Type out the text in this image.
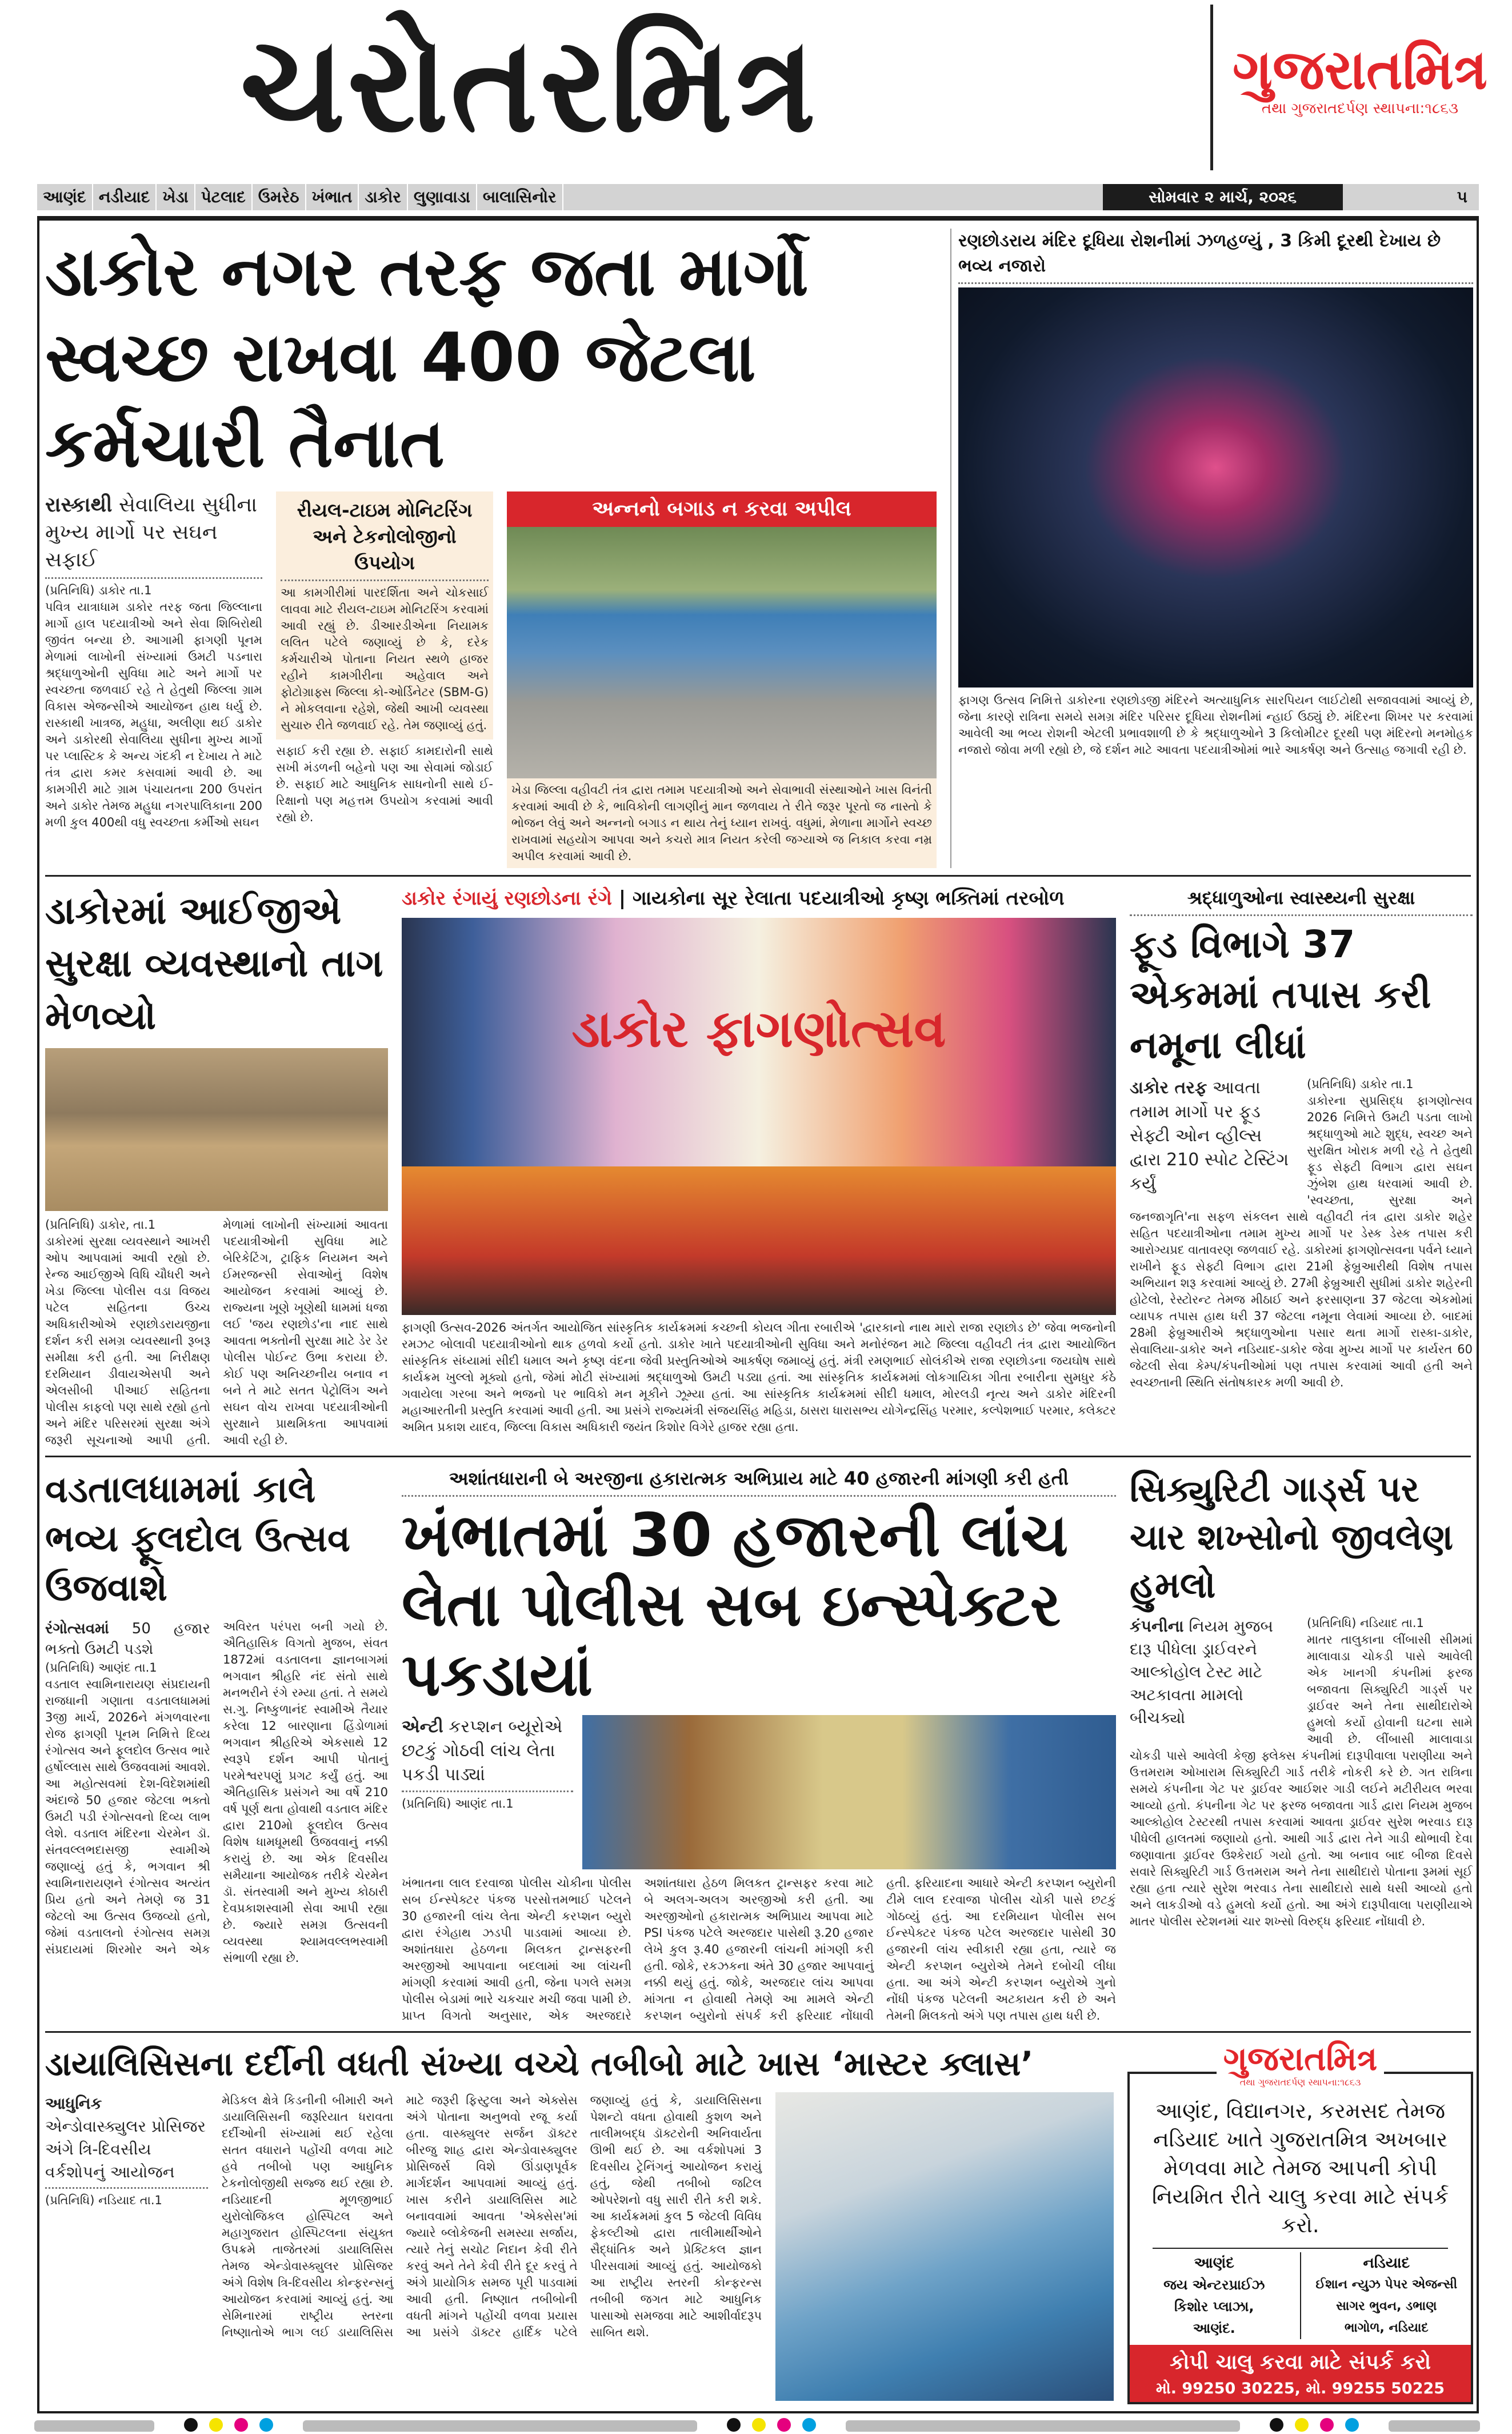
ચરોતરમિત્ર	ગુજરાતમિત્ર
તથા ગુજરાતદર્પણ સ્થાપના:૧૮૬૩
આણંદ નડીયાદ ખેડા પેટલાદ ઉમરેઠ ખંભાત ડાકોર લુણાવાડા બાલાસિનોર	સોમવાર ૨ માર્ચ, ૨૦૨૬	૫
ડાકોર નગર તરફ જતા માર્ગો સ્વચ્છ રાખવા 400 જેટલા કર્મચારી તૈનાત
રાસ્કાથી સેવાલિયા સુધીના મુખ્ય માર્ગો પર સઘન સફાઈ
(પ્રતિનિધિ) ડાકોર તા.1
પવિત્ર યાત્રાધામ ડાકોર તરફ જતા જિલ્લાના માર્ગો હાલ પદયાત્રીઓ અને સેવા શિબિરોથી જીવંત બન્યા છે. આગામી ફાગણી પૂનમ મેળામાં લાખોની સંખ્યામાં ઉમટી પડનારા શ્રદ્ધાળુઓની સુવિધા માટે અને માર્ગો પર સ્વચ્છતા જળવાઈ રહે તે હેતુથી જિલ્લા ગ્રામ વિકાસ એજન્સીએ આયોજન હાથ ધર્યુ છે. રાસ્કાથી ખાત્રજ, મહુધા, અલીણા થઈ ડાકોર અને ડાકોરથી સેવાલિયા સુધીના મુખ્ય માર્ગો પર પ્લાસ્ટિક કે અન્ય ગંદકી ન દેખાય તે માટે તંત્ર દ્વારા કમર કસવામાં આવી છે. આ કામગીરી માટે ગ્રામ પંચાયતના 200 ઉપરાંત અને ડાકોર તેમજ મહુધા નગરપાલિકાના 200 મળી કુલ 400થી વધુ સ્વચ્છતા કર્મીઓ સઘન
રીયલ-ટાઇમ મોનિટરિંગ અને ટેકનોલોજીનો ઉપયોગ
આ કામગીરીમાં પારદર્શિતા અને ચોકસાઈ લાવવા માટે રીયલ-ટાઇમ મોનિટરિંગ કરવામાં આવી રહ્યું છે. ડીઆરડીએના નિયામક લલિત પટેલે જણાવ્યું છે કે, દરેક કર્મચારીએ પોતાના નિયત સ્થળે હાજર રહીને કામગીરીના અહેવાલ અને ફોટોગ્રાફ્સ જિલ્લા કો-ઓર્ડિનેટર (SBM-G) ને મોકલવાના રહેશે, જેથી આખી વ્યવસ્થા સુચારુ રીતે જળવાઈ રહે. તેમ જણાવ્યું હતું.
સફાઈ કરી રહ્યા છે. સફાઈ કામદારોની સાથે સખી મંડળની બહેનો પણ આ સેવામાં જોડાઈ છે. સફાઈ માટે આધુનિક સાધનોની સાથે ઈ-રિક્ષાનો પણ મહત્તમ ઉપયોગ કરવામાં આવી રહ્યો છે.
અન્નનો બગાડ ન કરવા અપીલ
ખેડા જિલ્લા વહીવટી તંત્ર દ્વારા તમામ પદયાત્રીઓ અને સેવાભાવી સંસ્થાઓને ખાસ વિનંતી કરવામાં આવી છે કે, ભાવિકોની લાગણીનું માન જળવાય તે રીતે જરૂર પૂરતો જ નાસ્તો કે ભોજન લેવું અને અન્નનો બગાડ ન થાય તેનું ધ્યાન રાખવું. વધુમાં, મેળાના માર્ગોને સ્વચ્છ રાખવામાં સહયોગ આપવા અને કચરો માત્ર નિયત કરેલી જગ્યાએ જ નિકાલ કરવા નમ્ર અપીલ કરવામાં આવી છે.
રણછોડરાય મંદિર દૂધિયા રોશનીમાં ઝળહળ્યું , 3 કિમી દૂરથી દેખાય છે ભવ્ય નજારો
ફાગણ ઉત્સવ નિમિત્તે ડાકોરના રણછોડજી મંદિરને અત્યાધુનિક સારપિયન લાઈટોથી સજાવવામાં આવ્યું છે, જેના કારણે રાત્રિના સમયે સમગ્ર મંદિર પરિસર દૂધિયા રોશનીમાં ન્હાઈ ઉઠ્યું છે. મંદિરના શિખર પર કરવામાં આવેલી આ ભવ્ય રોશની એટલી પ્રભાવશાળી છે કે શ્રદ્ધાળુઓને 3 કિલોમીટર દૂરથી પણ મંદિરનો મનમોહક નજારો જોવા મળી રહ્યો છે, જે દર્શન માટે આવતા પદયાત્રીઓમાં ભારે આકર્ષણ અને ઉત્સાહ જગાવી રહી છે.
ડાકોરમાં આઈજીએ સુરક્ષા વ્યવસ્થાનો તાગ મેળવ્યો
(પ્રતિનિધિ) ડાકોર, તા.1
ડાકોરમાં સુરક્ષા વ્યવસ્થાને આખરી ઓપ આપવામાં આવી રહ્યો છે. રેન્જ આઈજીએ વિધિ ચૌધરી અને ખેડા જિલ્લા પોલીસ વડા વિજય પટેલ સહિતના ઉચ્ચ અધિકારીઓએ રણછોડરાયજીના દર્શન કરી સમગ્ર વ્યવસ્થાની રૂબરૂ સમીક્ષા કરી હતી. આ નિરીક્ષણ દરમિયાન ડીવાયએસપી અને એલસીબી પીઆઈ સહિતના પોલીસ કાફલો પણ સાથે રહ્યો હતો અને મંદિર પરિસરમાં સુરક્ષા અંગે જરૂરી સૂચનાઓ આપી હતી. મેળામાં લાખોની સંખ્યામાં આવતા પદયાત્રીઓની સુવિધા માટે બેરિકેટિંગ, ટ્રાફિક નિયમન અને ઈમરજન્સી સેવાઓનું વિશેષ આયોજન કરવામાં આવ્યું છે. રાજ્યના ખૂણે ખૂણેથી ધામમાં ધજા લઈ 'જય રણછોડ'ના નાદ સાથે આવતા ભક્તોની સુરક્ષા માટે ડેર ડેર પોલીસ પોઈન્ટ ઉભા કરાયા છે. કોઈ પણ અનિચ્છનીય બનાવ ન બને તે માટે સતત પેટ્રોલિંગ અને સઘન વોચ રાખવા પદયાત્રીઓની સુરક્ષાને પ્રાથમિકતા આપવામાં આવી રહી છે.
ડાકોર રંગાયું રણછોડના રંગે | ગાયકોના સૂર રેલાતા પદયાત્રીઓ કૃષ્ણ ભક્તિમાં તરબોળ
ડાકોર ફાગણોત્સવ
ફાગણી ઉત્સવ-2026 અંતર્ગત આયોજિત સાંસ્કૃતિક કાર્યક્રમમાં કચ્છની કોયલ ગીતા રબારીએ 'દ્વારકાનો નાથ મારો રાજા રણછોડ છે' જેવા ભજનોની રમઝટ બોલાવી પદયાત્રીઓનો થાક હળવો કર્યો હતો. ડાકોર ખાતે પદયાત્રીઓની સુવિધા અને મનોરંજન માટે જિલ્લા વહીવટી તંત્ર દ્વારા આયોજિત સાંસ્કૃતિક સંધ્યામાં સીદી ધમાલ અને કૃષ્ણ વંદના જેવી પ્રસ્તુતિઓએ આકર્ષણ જમાવ્યું હતું. મંત્રી રમણભાઈ સોલંકીએ રાજા રણછોડના જયઘોષ સાથે કાર્યક્રમ ખુલ્લો મૂક્યો હતો, જેમાં મોટી સંખ્યામાં શ્રદ્ધાળુઓ ઉમટી પડ્યા હતાં. આ સાંસ્કૃતિક કાર્યક્રમમાં લોકગાયિકા ગીતા રબારીના સુમધુર કંઠે ગવાયેલા ગરબા અને ભજનો પર ભાવિકો મન મૂકીને ઝૂમ્યા હતાં. આ સાંસ્કૃતિક કાર્યક્રમમાં સીદી ધમાલ, મોરલડી નૃત્ય અને ડાકોર મંદિરની મહાઆરતીની પ્રસ્તુતિ કરવામાં આવી હતી. આ પ્રસંગે રાજ્યમંત્રી સંજયસિંહ મહિડા, ઠાસરા ધારાસભ્ય યોગેન્દ્રસિંહ પરમાર, કલ્પેશભાઈ પરમાર, કલેક્ટર અમિત પ્રકાશ યાદવ, જિલ્લા વિકાસ અધિકારી જયંત કિશોર વિગેરે હાજર રહ્યા હતા.
શ્રદ્ધાળુઓના સ્વાસ્થ્યની સુરક્ષા
ફૂડ વિભાગે 37 એકમમાં તપાસ કરી નમૂના લીધાં
ડાકોર તરફ આવતા તમામ માર્ગો પર ફૂડ સેફ્ટી ઓન વ્હીલ્સ દ્વારા 210 સ્પોટ ટેસ્ટિંગ કર્યું
(પ્રતિનિધિ) ડાકોર તા.1
ડાકોરના સુપ્રસિદ્ધ ફાગણોત્સવ 2026 નિમિત્તે ઉમટી પડતા લાખો શ્રદ્ધાળુઓ માટે શુદ્ધ, સ્વચ્છ અને સુરક્ષિત ખોરાક મળી રહે તે હેતુથી ફૂડ સેફ્ટી વિભાગ દ્વારા સઘન ઝુંબેશ હાથ ધરવામાં આવી છે. 'સ્વચ્છતા, સુરક્ષા અને જનજાગૃતિ'ના સફળ સંકલન સાથે વહીવટી તંત્ર દ્વારા ડાકોર શહેર સહિત પદયાત્રીઓના તમામ મુખ્ય માર્ગો પર ડેસ્ક ડેસ્ક તપાસ કરી આરોગ્યપ્રદ વાતાવરણ જળવાઈ રહે. ડાકોરમાં ફાગણોત્સવના પર્વને ધ્યાને રાખીને ફૂડ સેફ્ટી વિભાગ દ્વારા 21મી ફેબ્રુઆરીથી વિશેષ તપાસ અભિયાન શરૂ કરવામાં આવ્યું છે. 27મી ફેબ્રુઆરી સુધીમાં ડાકોર શહેરની હોટેલો, રેસ્ટોરન્ટ તેમજ મીઠાઈ અને ફરસાણના 37 જેટલા એકમોમાં વ્યાપક તપાસ હાથ ધરી 37 જેટલા નમૂના લેવામાં આવ્યા છે. બાદમાં 28મી ફેબ્રુઆરીએ શ્રદ્ધાળુઓના પસાર થતા માર્ગો રાસ્કા-ડાકોર, સેવાલિયા-ડાકોર અને નડિયાદ-ડાકોર જેવા મુખ્ય માર્ગો પર કાર્યરત 60 જેટલી સેવા કેમ્પ/કંપનીઓમાં પણ તપાસ કરવામાં આવી હતી અને સ્વચ્છતાની સ્થિતિ સંતોષકારક મળી આવી છે.
વડતાલધામમાં કાલે ભવ્ય ફૂલદોલ ઉત્સવ ઉજવાશે
રંગોત્સવમાં 50 હજાર ભક્તો ઉમટી પડશે
(પ્રતિનિધિ) આણંદ તા.1
વડતાલ સ્વામિનારાયણ સંપ્રદાયની રાજધાની ગણાતા વડતાલધામમાં 3જી માર્ચ, 2026ને મંગળવારના રોજ ફાગણી પૂનમ નિમિત્તે દિવ્ય રંગોત્સવ અને ફૂલદોલ ઉત્સવ ભારે હર્ષોલ્લાસ સાથે ઉજવવામાં આવશે. આ મહોત્સવમાં દેશ-વિદેશમાંથી અંદાજે 50 હજાર જેટલા ભક્તો ઉમટી પડી રંગોત્સવનો દિવ્ય લાભ લેશે. વડતાલ મંદિરના ચેરમેન ડૉ. સંતવલ્લભદાસજી સ્વામીએ જણાવ્યું હતું કે, ભગવાન શ્રી સ્વામિનારાયણને રંગોત્સવ અત્યંત પ્રિય હતો અને તેમણે જ 31 જેટલો આ ઉત્સવ ઉજવ્યો હતો, જેમાં વડતાલનો રંગોત્સવ સમગ્ર સંપ્રદાયમાં શિરમોર અને એક અવિરત પરંપરા બની ગયો છે. ઐતિહાસિક વિગતો મુજબ, સંવત 1872માં વડતાલના જ્ઞાનબાગમાં ભગવાન શ્રીહરિ નંદ સંતો સાથે મનભરીને રંગે રમ્યા હતાં. તે સમયે સ.ગુ. નિષ્કુળાનંદ સ્વામીએ તૈયાર કરેલા 12 બારણાના હિંડોળામાં ભગવાન શ્રીહરિએ એકસાથે 12 સ્વરૂપે દર્શન આપી પોતાનું પરમેશ્વરપણું પ્રગટ કર્યું હતું. આ ઐતિહાસિક પ્રસંગને આ વર્ષે 210 વર્ષ પૂર્ણ થતા હોવાથી વડતાલ મંદિર દ્વારા 210મો ફૂલદોલ ઉત્સવ વિશેષ ધામધૂમથી ઉજવવાનું નક્કી કરાયું છે. આ એક દિવસીય સમૈયાના આયોજક તરીકે ચેરમેન ડૉ. સંતસ્વામી અને મુખ્ય કોઠારી દેવપ્રકાશસ્વામી સેવા આપી રહ્યા છે. જ્યારે સમગ્ર ઉત્સવની વ્યવસ્થા શ્યામવલ્લભસ્વામી સંભાળી રહ્યા છે.
અશાંતધારાની બે અરજીના હકારાત્મક અભિપ્રાય માટે 40 હજારની માંગણી કરી હતી
ખંભાતમાં 30 હજારની લાંચ લેતા પોલીસ સબ ઇન્સ્પેક્ટર પકડાયાં
એન્ટી કરપ્શન બ્યૂરોએ છટકું ગોઠવી લાંચ લેતા પકડી પાડ્યાં
(પ્રતિનિધિ) આણંદ તા.1
ખંભાતના લાલ દરવાજા પોલીસ ચોકીના પોલીસ સબ ઈન્સ્પેક્ટર પંકજ પરસોત્તમભાઈ પટેલને 30 હજારની લાંચ લેતા એન્ટી કરપ્શન બ્યુરો દ્વારા રંગેહાથ ઝડપી પાડવામાં આવ્યા છે. અશાંતધારા હેઠળના મિલકત ટ્રાન્સફરની અરજીઓ આપવાના બદલામાં આ લાંચની માંગણી કરવામાં આવી હતી, જેના પગલે સમગ્ર પોલીસ બેડામાં ભારે ચકચાર મચી જવા પામી છે. પ્રાપ્ત વિગતો અનુસાર, એક અરજદારે અશાંતધારા હેઠળ મિલકત ટ્રાન્સફર કરવા માટે બે અલગ-અલગ અરજીઓ કરી હતી. આ અરજીઓનો હકારાત્મક અભિપ્રાય આપવા માટે PSI પંકજ પટેલે અરજદાર પાસેથી રૂ.20 હજાર લેખે કુલ રૂ.40 હજારની લાંચની માંગણી કરી હતી. જોકે, રકઝકના અંતે 30 હજાર આપવાનું નક્કી થયું હતું. જોકે, અરજદાર લાંચ આપવા માંગતા ન હોવાથી તેમણે આ મામલે એન્ટી કરપ્શન બ્યુરોનો સંપર્ક કરી ફરિયાદ નોંધાવી હતી. ફરિયાદના આધારે એન્ટી કરપ્શન બ્યુરોની ટીમે લાલ દરવાજા પોલીસ ચોકી પાસે છટકું ગોઠવ્યું હતું. આ દરમિયાન પોલીસ સબ ઈન્સ્પેક્ટર પંકજ પટેલ અરજદાર પાસેથી 30 હજારની લાંચ સ્વીકારી રહ્યા હતા, ત્યારે જ એન્ટી કરપ્શન બ્યુરોએ તેમને દબોચી લીધા હતા. આ અંગે એન્ટી કરપ્શન બ્યુરોએ ગુનો નોંધી પંકજ પટેલની અટકાયત કરી છે અને તેમની મિલકતો અંગે પણ તપાસ હાથ ધરી છે.
સિક્યુરિટી ગાર્ડ્સ પર ચાર શખ્સોનો જીવલેણ હુમલો
કંપનીના નિયમ મુજબ દારૂ પીધેલા ડ્રાઈવરને આલ્કોહોલ ટેસ્ટ માટે અટકાવતા મામલો બીચક્યો
(પ્રતિનિધિ) નડિયાદ તા.1
માતર તાલુકાના લીંબાસી સીમમાં માલાવાડા ચોકડી પાસે આવેલી એક ખાનગી કંપનીમાં ફરજ બજાવતા સિક્યુરિટી ગાર્ડ્સ પર ડ્રાઈવર અને તેના સાથીદારોએ હુમલો કર્યો હોવાની ઘટના સામે આવી છે. લીંબાસી માલાવાડા ચોકડી પાસે આવેલી કેજી ફ્લેક્સ કંપનીમાં દારૂપીવાલા પરાણીયા અને ઉત્તમરામ ઓખારામ સિક્યુરિટી ગાર્ડ તરીકે નોકરી કરે છે. ગત રાત્રિના સમયે કંપનીના ગેટ પર ડ્રાઈવર આઈશર ગાડી લઈને મટીરીયલ ભરવા આવ્યો હતો. કંપનીના ગેટ પર ફરજ બજાવતા ગાર્ડ દ્વારા નિયમ મુજબ આલ્કોહોલ ટેસ્ટરથી તપાસ કરવામાં આવતા ડ્રાઈવર સુરેશ ભરવાડ દારૂ પીધેલી હાલતમાં જણાયો હતો. આથી ગાર્ડ દ્વારા તેને ગાડી થોભાવી દેવા જણાવાતા ડ્રાઈવર ઉશ્કેરાઈ ગયો હતો. આ બનાવ બાદ બીજા દિવસે સવારે સિક્યુરિટી ગાર્ડ ઉત્તમરામ અને તેના સાથીદારો પોતાના રૂમમાં સૂઈ રહ્યા હતા ત્યારે સુરેશ ભરવાડ તેના સાથીદારો સાથે ધસી આવ્યો હતો અને લાકડીઓ વડે હુમલો કર્યો હતો. આ અંગે દારૂપીવાલા પરાણીયાએ માતર પોલીસ સ્ટેશનમાં ચાર શખ્સો વિરુદ્ધ ફરિયાદ નોંધાવી છે.
ડાયાલિસિસના દર્દીની વધતી સંખ્યા વચ્ચે તબીબો માટે ખાસ ‘માસ્ટર ક્લાસ’
આધુનિક એન્ડોવાસ્ક્યુલર પ્રોસિજર અંગે ત્રિ-દિવસીય વર્કશોપનું આયોજન
(પ્રતિનિધિ) નડિયાદ તા.1
મેડિકલ ક્ષેત્રે કિડનીની બીમારી અને ડાયાલિસિસની જરૂરિયાત ધરાવતા દર્દીઓની સંખ્યામાં થઈ રહેલા સતત વધારાને પહોંચી વળવા માટે હવે તબીબો પણ આધુનિક ટેકનોલોજીથી સજ્જ થઈ રહ્યા છે. નડિયાદની મૂળજીભાઈ યુરોલોજિકલ હોસ્પિટલ અને મહાગુજરાત હોસ્પિટલના સંયુક્ત ઉપક્રમે તાજેતરમાં ડાયાલિસિસ તેમજ એન્ડોવાસ્ક્યુલર પ્રોસિજર અંગે વિશેષ ત્રિ-દિવસીય કોન્ફરન્સનું આયોજન કરવામાં આવ્યું હતું. આ સેમિનારમાં રાષ્ટ્રીય સ્તરના નિષ્ણાતોએ ભાગ લઈ ડાયાલિસિસ માટે જરૂરી ફિસ્ટુલા અને એક્સેસ અંગે પોતાના અનુભવો રજૂ કર્યા હતા. વાસ્ક્યુલર સર્જન ડૉક્ટર બીરજુ શાહ દ્વારા એન્ડોવાસ્ક્યુલર પ્રોસિજર્સ વિશે ઊંડાણપૂર્વક માર્ગદર્શન આપવામાં આવ્યું હતું. ખાસ કરીને ડાયાલિસિસ માટે બનાવવામાં આવતા 'એક્સેસ'માં જ્યારે બ્લોકેજની સમસ્યા સર્જાય, ત્યારે તેનું સચોટ નિદાન કેવી રીતે કરવું અને તેને કેવી રીતે દૂર કરવું તે અંગે પ્રાયોગિક સમજ પૂરી પાડવામાં આવી હતી. નિષ્ણાત તબીબોની વધતી માંગને પહોંચી વળવા પ્રયાસ આ પ્રસંગે ડૉક્ટર હાર્દિક પટેલે જણાવ્યું હતું કે, ડાયાલિસિસના પેશન્ટો વધતા હોવાથી કુશળ અને તાલીમબદ્ધ ડૉક્ટરોની અનિવાર્યતા ઊભી થઈ છે. આ વર્કશોપમાં 3 દિવસીય ટ્રેનિંગનું આયોજન કરાયું હતું, જેથી તબીબો જટિલ ઓપરેશનો વધુ સારી રીતે કરી શકે. આ કાર્યક્રમમાં કુલ 5 જેટલી વિવિધ ફેકલ્ટીઓ દ્વારા તાલીમાર્થીઓને સૈદ્ધાંતિક અને પ્રેક્ટિકલ જ્ઞાન પીરસવામાં આવ્યું હતું. આયોજકો આ રાષ્ટ્રીય સ્તરની કોન્ફરન્સ તબીબી જગત માટે આધુનિક પાસાઓ સમજવા માટે આશીર્વાદરૂપ સાબિત થશે.
ગુજરાતમિત્ર
તથા ગુજરાતદર્પણ સ્થાપના:૧૮૬૩
આણંદ, વિદ્યાનગર, કરમસદ તેમજ નડિયાદ ખાતે ગુજરાતમિત્ર અખબાર મેળવવા માટે તેમજ આપની કોપી નિયમિત રીતે ચાલુ કરવા માટે સંપર્ક કરો.
આણંદ
જય એન્ટરપ્રાઈઝ
કિશોર પ્લાઝા,
આણંદ.
નડિયાદ
ઈશાન ન્યુઝ પેપર એજન્સી
સાગર ભુવન, ડભાણ
ભાગોળ, નડિયાદ
કોપી ચાલુ કરવા માટે સંપર્ક કરો
મો. 99250 30225, મો. 99255 50225
